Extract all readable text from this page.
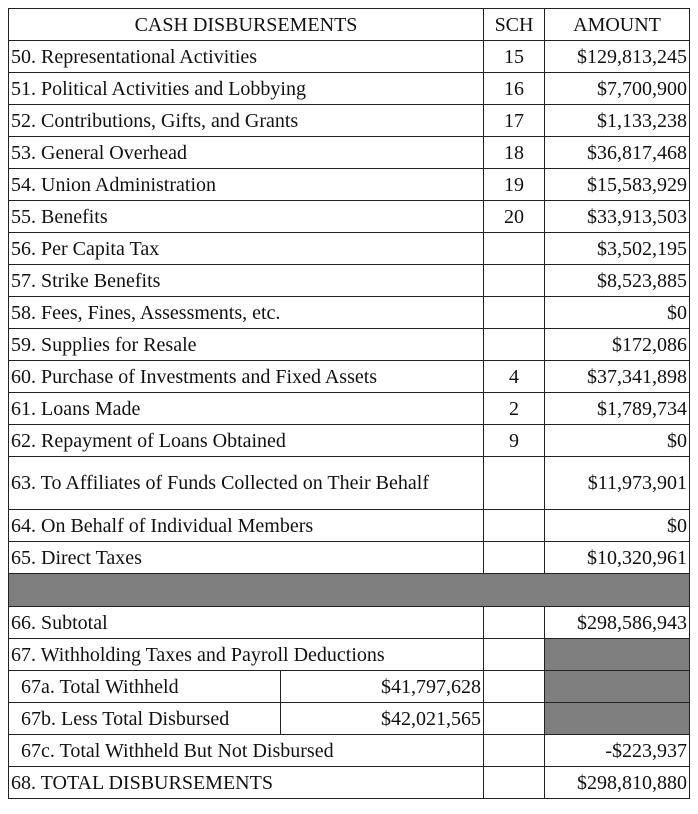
CASH DISBURSEMENTS		SCH	AMOUNT
50. Representational Activities		15	$129,813,245
51. Political Activities and Lobbying		16	$7,700,900
52. Contributions, Gifts, and Grants		17	$1,133,238
53. General Overhead		18	$36,817,468
54. Union Administration		19	$15,583,929
55. Benefits		20	$33,913,503
56. Per Capita Tax			$3,502,195
57. Strike Benefits			$8,523,885
58. Fees, Fines, Assessments, etc.			$0
59. Supplies for Resale			$172,086
60. Purchase of Investments and Fixed Assets		4	$37,341,898
61. Loans Made		2	$1,789,734
62. Repayment of Loans Obtained		9	$0
63. To Affiliates of Funds Collected on Their Behalf			$11,973,901
64. On Behalf of Individual Members			$0
65. Direct Taxes			$10,320,961

66. Subtotal			$298,586,943
67. Withholding Taxes and Payroll Deductions			
67a. Total Withheld	$41,797,628		
67b. Less Total Disbursed	$42,021,565		
67c. Total Withheld But Not Disbursed			-$223,937
68. TOTAL DISBURSEMENTS			$298,810,880
